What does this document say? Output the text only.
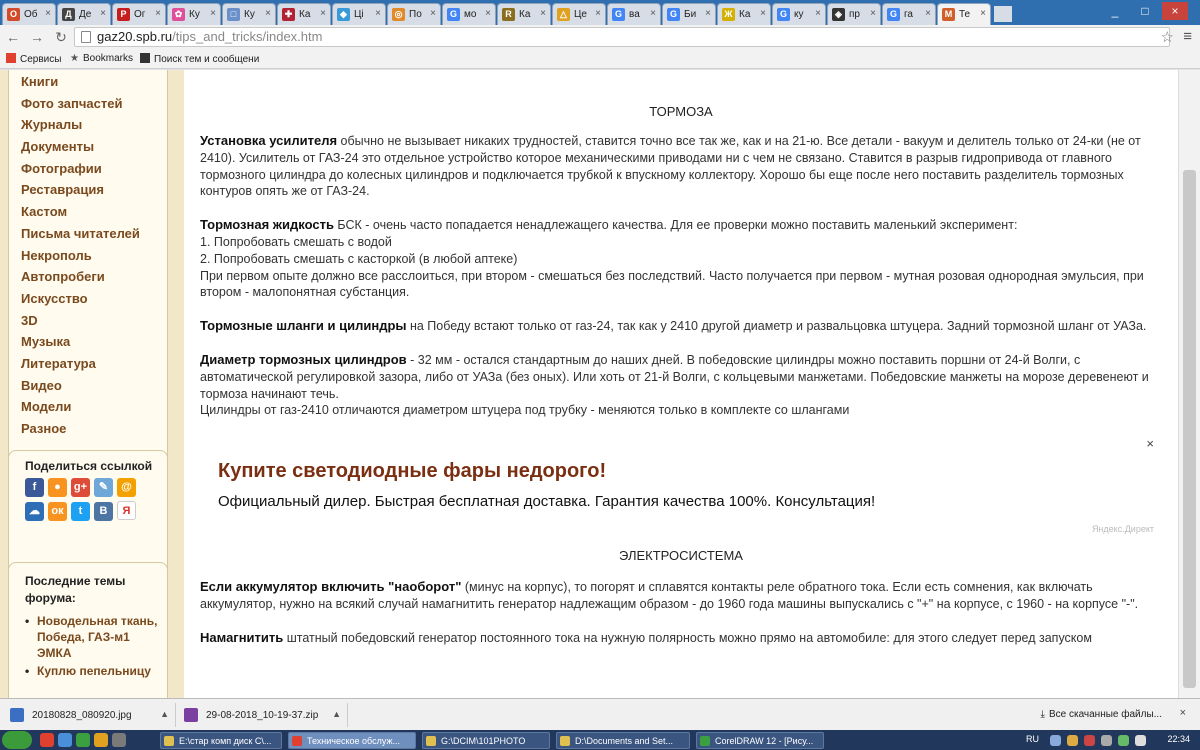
О Об ×	Д Де ×	P Ог ×	✿ Ку ×	□ Ку ×	✚ Ка ×	◆ Ці × ◎ По ×	G мо ×	R Ка ×	△ Це ×	G ва ×	G Би × Ж Ка ×	G ку ×	◈ пр ×	G га ×	M Те ×	_	□	×
← → ↻	gaz20.spb.ru/tips_and_tricks/index.htm	☆ ≡
Сервисы ★ Bookmarks	Поиск тем и сообщени
Книги
Фото запчастей
Журналы
Документы
Фотографии
Реставрация
Кастом
Письма читателей
Некрополь
Автопробеги
Искусство
3D
Музыка
Литература
Видео
Модели
Разное
Поделиться ссылкой
f ● g+ ✎ @
☁ ок t В Я
Последние темы форума:
• Новодельная ткань, Победа, ГАЗ-м1 ЭМКА
• Куплю пепельницу
ТОРМОЗА

Установка усилителя обычно не вызывает никаких трудностей, ставится точно все так же, как и на 21-ю. Все детали - вакуум и делитель только от 24-ки (не от 2410). Усилитель от ГАЗ-24 это отдельное устройство которое механическими приводами ни с чем не связано. Ставится в разрыв гидропривода от главного тормозного цилиндра до колесных цилиндров и подключается трубкой к впускному коллектору. Хорошо бы еще после него поставить разделитель тормозных контуров опять же от ГАЗ-24.

Тормозная жидкость БСК - очень часто попадается ненадлежащего качества. Для ее проверки можно поставить маленький эксперимент:
1. Попробовать смешать с водой
2. Попробовать смешать с касторкой (в любой аптеке)
При первом опыте должно все расслоиться, при втором - смешаться без последствий. Часто получается при первом - мутная розовая однородная эмульсия, при втором - малопонятная субстанция.

Тормозные шланги и цилиндры на Победу встают только от газ-24, так как у 2410 другой диаметр и развальцовка штуцера. Задний тормозной шланг от УАЗа.

Диаметр тормозных цилиндров - 32 мм - остался стандартным до наших дней. В победовские цилиндры можно поставить поршни от 24-й Волги, с автоматической регулировкой зазора, либо от УАЗа (без оных). Или хоть от 21-й Волги, с кольцевыми манжетами. Победовские манжеты на морозе деревенеют и тормоза начинают течь.
Цилиндры от газ-2410 отличаются диаметром штуцера под трубку - меняются только в комплекте со шлангами

×
Купите светодиодные фары недорого!
Официальный дилер. Быстрая бесплатная доставка. Гарантия качества 100%. Консультация!
Яндекс.Директ
ЭЛЕКТРОСИСТЕМА

Если аккумулятор включить "наоборот" (минус на корпус), то погорят и сплавятся контакты реле обратного тока. Если есть сомнения, как включать аккумулятор, нужно на всякий случай намагнитить генератор надлежащим образом - до 1960 года машины выпускались с "+" на корпусе, с 1960 - на корпусе "-".

Намагнитить штатный победовский генератор постоянного тока на нужную полярность можно прямо на автомобиле: для этого следует перед запуском

20180828_080920.jpg	▲	29-08-2018_10-19-37.zip ▲	⤓ Все скачанные файлы... ×
RU	22:34
E:\стар комп диск С\...	Техническое обслуж...	G:\DCIM\101PHOTO	D:\Documents and Set...	CorelDRAW 12 - [Рису...
